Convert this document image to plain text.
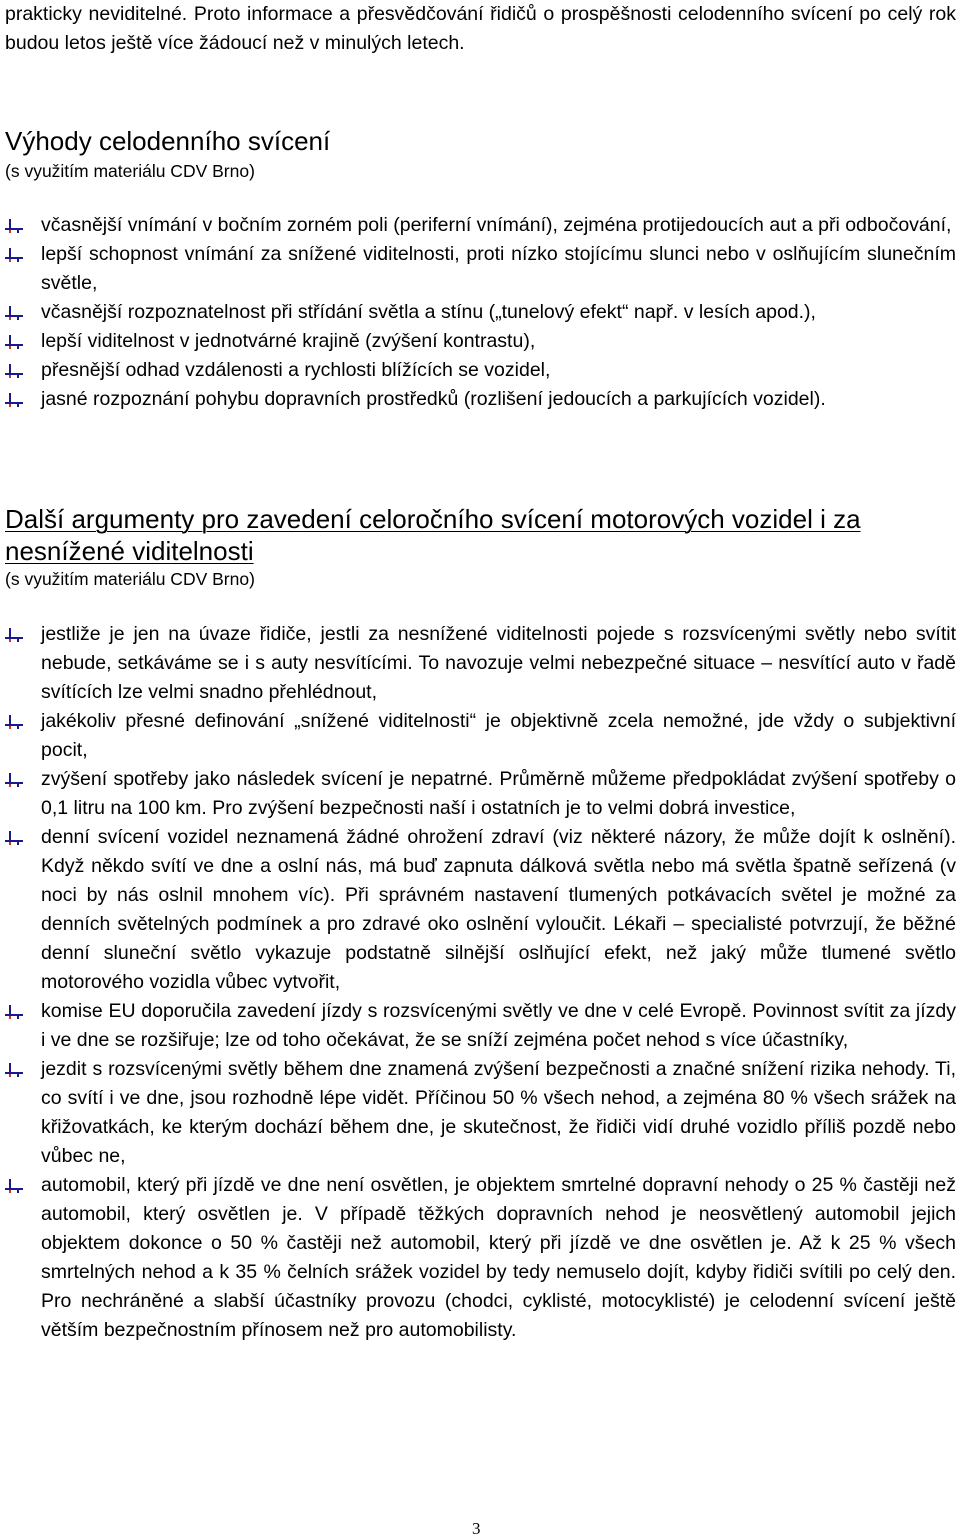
prakticky neviditelné. Proto informace a přesvědčování řidičů o prospěšnosti celodenního svícení po celý rok budou letos ještě více žádoucí než v minulých letech.

Výhody celodenního svícení
(s využitím materiálu CDV Brno)
včasnější vnímání v bočním zorném poli (periferní vnímání), zejména protijedoucích aut a při odbočování,
lepší schopnost vnímání za snížené viditelnosti, proti nízko stojícímu slunci nebo v oslňujícím slunečním světle,
včasnější rozpoznatelnost při střídání světla a stínu („tunelový efekt“ např. v lesích apod.),
lepší viditelnost v jednotvárné krajině (zvýšení kontrastu),
přesnější odhad vzdálenosti a rychlosti blížících se vozidel,
jasné rozpoznání pohybu dopravních prostředků (rozlišení jedoucích a parkujících vozidel).
Další argumenty pro zavedení celoročního svícení motorových vozidel i za nesnížené viditelnosti
(s využitím materiálu CDV Brno)
jestliže je jen na úvaze řidiče, jestli za nesnížené viditelnosti pojede s rozsvícenými světly nebo svítit nebude, setkáváme se i s auty nesvítícími. To navozuje velmi nebezpečné situace – nesvítící auto v řadě svítících lze velmi snadno přehlédnout,
jakékoliv přesné definování „snížené viditelnosti“ je objektivně zcela nemožné, jde vždy o subjektivní pocit,
zvýšení spotřeby jako následek svícení je nepatrné. Průměrně můžeme předpokládat zvýšení spotřeby o 0,1 litru na 100 km. Pro zvýšení bezpečnosti naší i ostatních je to velmi dobrá investice,
denní svícení vozidel neznamená žádné ohrožení zdraví (viz některé názory, že může dojít k oslnění). Když někdo svítí ve dne a oslní nás, má buď zapnuta dálková světla nebo má světla špatně seřízená (v noci by nás oslnil mnohem víc). Při správném nastavení tlumených potkávacích světel je možné za denních světelných podmínek a pro zdravé oko oslnění vyloučit. Lékaři – specialisté potvrzují, že běžné denní sluneční světlo vykazuje podstatně silnější oslňující efekt, než jaký může tlumené světlo motorového vozidla vůbec vytvořit,
komise EU doporučila zavedení jízdy s rozsvícenými světly ve dne v celé Evropě. Povinnost svítit za jízdy i ve dne se rozšiřuje; lze od toho očekávat, že se sníží zejména počet nehod s více účastníky,
jezdit s rozsvícenými světly během dne znamená zvýšení bezpečnosti a značné snížení rizika nehody. Ti, co svítí i ve dne, jsou rozhodně lépe vidět. Příčinou 50 % všech nehod, a zejména 80 % všech srážek na křižovatkách, ke kterým dochází během dne, je skutečnost, že řidiči vidí druhé vozidlo příliš pozdě nebo vůbec ne,
automobil, který při jízdě ve dne není osvětlen, je objektem smrtelné dopravní nehody o 25 % častěji než automobil, který osvětlen je. V případě těžkých dopravních nehod je neosvětlený automobil jejich objektem dokonce o 50 % častěji než automobil, který při jízdě ve dne osvětlen je. Až k 25 % všech smrtelných nehod a k 35 % čelních srážek vozidel by tedy nemuselo dojít, kdyby řidiči svítili po celý den. Pro nechráněné a slabší účastníky provozu (chodci, cyklisté, motocyklisté) je celodenní svícení ještě větším bezpečnostním přínosem než pro automobilisty.
3
